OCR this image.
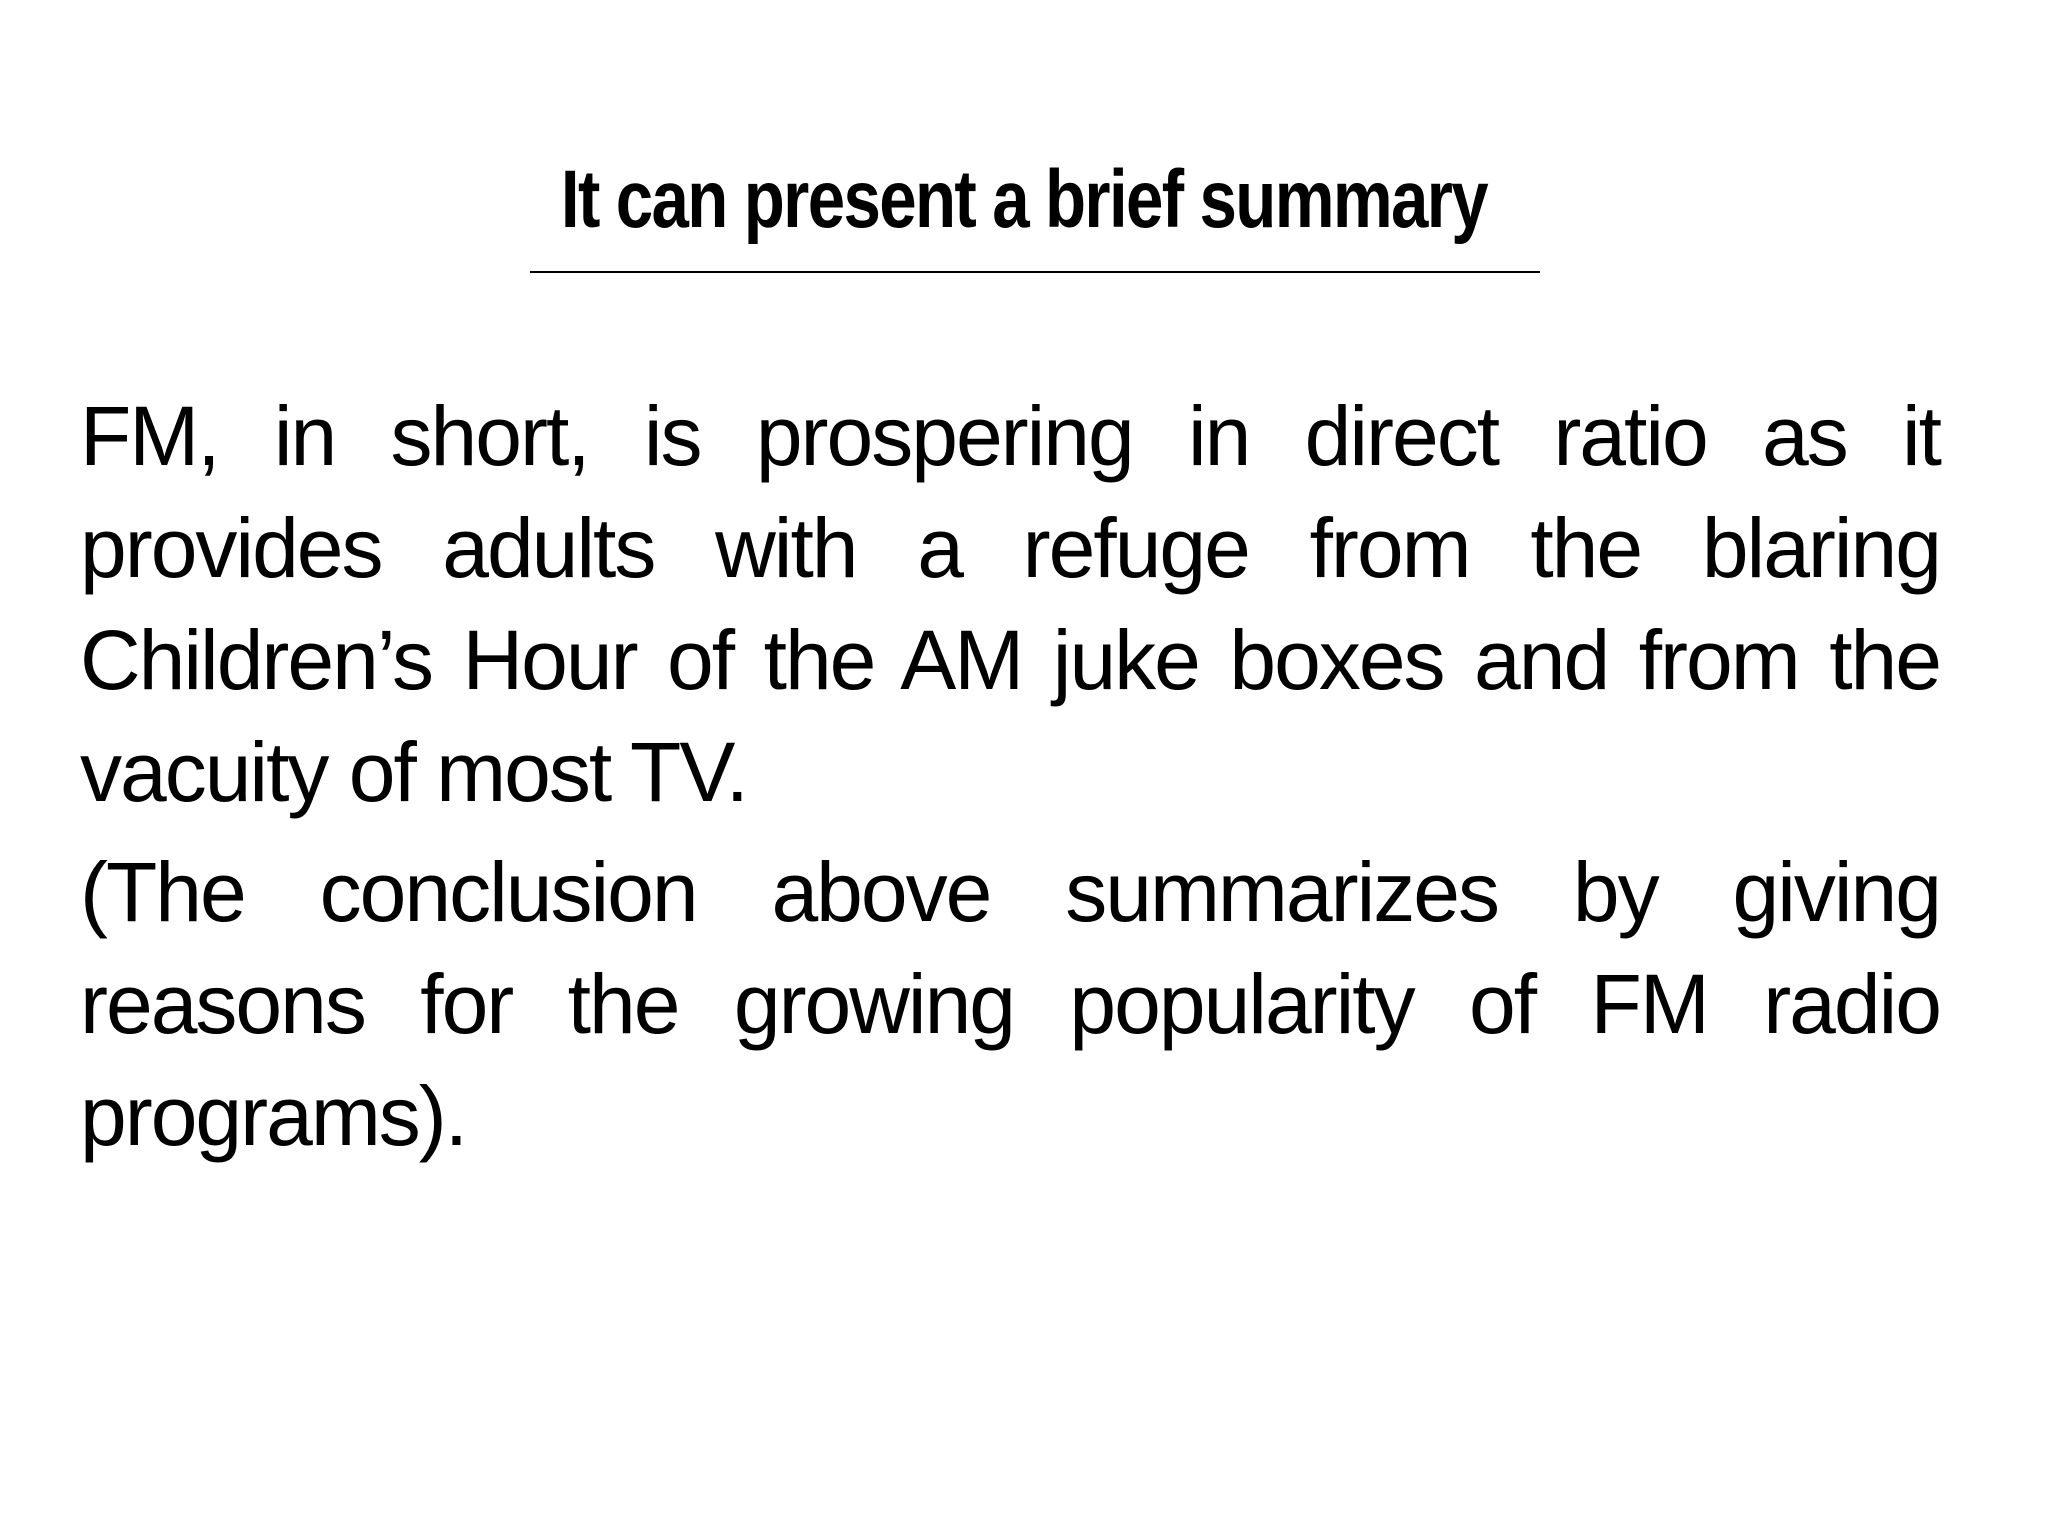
It can present a brief summary

FM, in short, is prospering in direct ratio as it provides adults with a refuge from the blaring Children’s Hour of the AM juke boxes and from the vacuity of most TV.

(The conclusion above summarizes by giving reasons for the growing popularity of FM radio programs).
